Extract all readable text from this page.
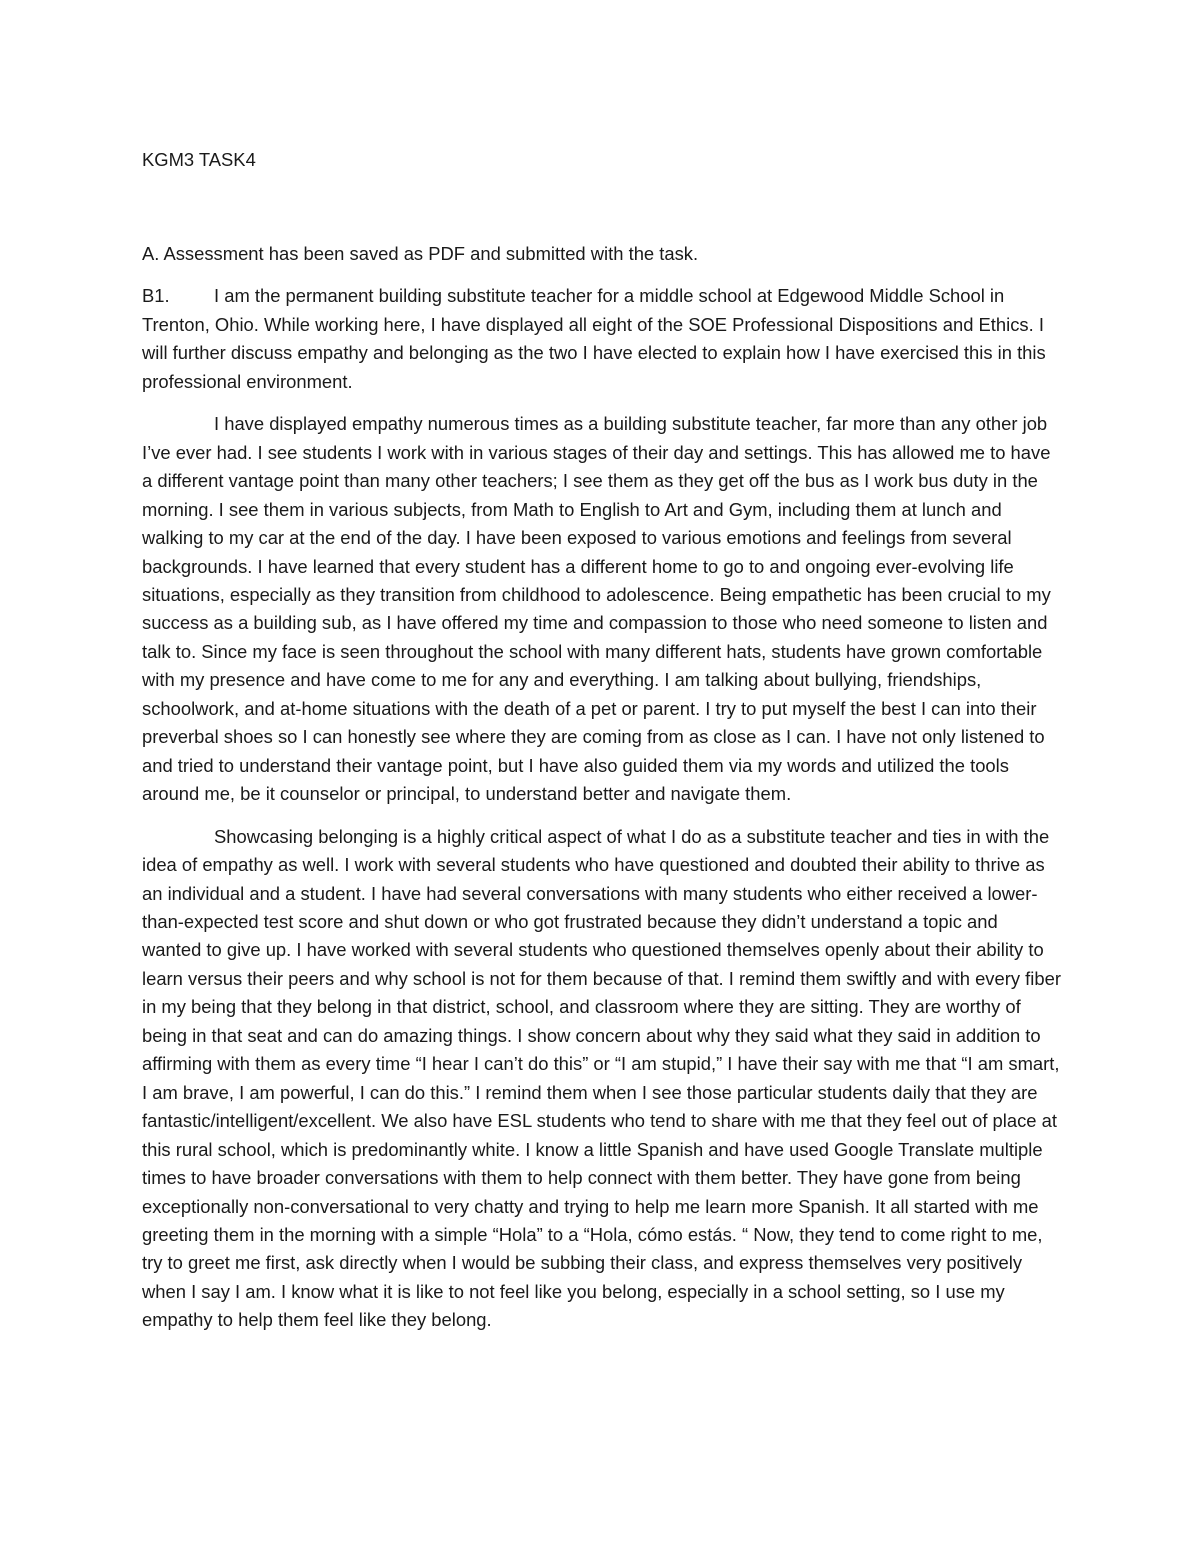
KGM3 TASK4

A. Assessment has been saved as PDF and submitted with the task.

B1. I am the permanent building substitute teacher for a middle school at Edgewood Middle School in Trenton, Ohio. While working here, I have displayed all eight of the SOE Professional Dispositions and Ethics. I will further discuss empathy and belonging as the two I have elected to explain how I have exercised this in this professional environment.

I have displayed empathy numerous times as a building substitute teacher, far more than any other job I’ve ever had. I see students I work with in various stages of their day and settings. This has allowed me to have a different vantage point than many other teachers; I see them as they get off the bus as I work bus duty in the morning. I see them in various subjects, from Math to English to Art and Gym, including them at lunch and walking to my car at the end of the day. I have been exposed to various emotions and feelings from several backgrounds. I have learned that every student has a different home to go to and ongoing ever-evolving life situations, especially as they transition from childhood to adolescence. Being empathetic has been crucial to my success as a building sub, as I have offered my time and compassion to those who need someone to listen and talk to. Since my face is seen throughout the school with many different hats, students have grown comfortable with my presence and have come to me for any and everything. I am talking about bullying, friendships, schoolwork, and at-home situations with the death of a pet or parent. I try to put myself the best I can into their preverbal shoes so I can honestly see where they are coming from as close as I can. I have not only listened to and tried to understand their vantage point, but I have also guided them via my words and utilized the tools around me, be it counselor or principal, to understand better and navigate them.

Showcasing belonging is a highly critical aspect of what I do as a substitute teacher and ties in with the idea of empathy as well. I work with several students who have questioned and doubted their ability to thrive as an individual and a student. I have had several conversations with many students who either received a lower-than-expected test score and shut down or who got frustrated because they didn’t understand a topic and wanted to give up. I have worked with several students who questioned themselves openly about their ability to learn versus their peers and why school is not for them because of that. I remind them swiftly and with every fiber in my being that they belong in that district, school, and classroom where they are sitting. They are worthy of being in that seat and can do amazing things. I show concern about why they said what they said in addition to affirming with them as every time “I hear I can’t do this” or “I am stupid,” I have their say with me that “I am smart, I am brave, I am powerful, I can do this.” I remind them when I see those particular students daily that they are fantastic/intelligent/excellent. We also have ESL students who tend to share with me that they feel out of place at this rural school, which is predominantly white. I know a little Spanish and have used Google Translate multiple times to have broader conversations with them to help connect with them better. They have gone from being exceptionally non-conversational to very chatty and trying to help me learn more Spanish. It all started with me greeting them in the morning with a simple “Hola” to a “Hola, cómo estás. “ Now, they tend to come right to me, try to greet me first, ask directly when I would be subbing their class, and express themselves very positively when I say I am. I know what it is like to not feel like you belong, especially in a school setting, so I use my empathy to help them feel like they belong.
